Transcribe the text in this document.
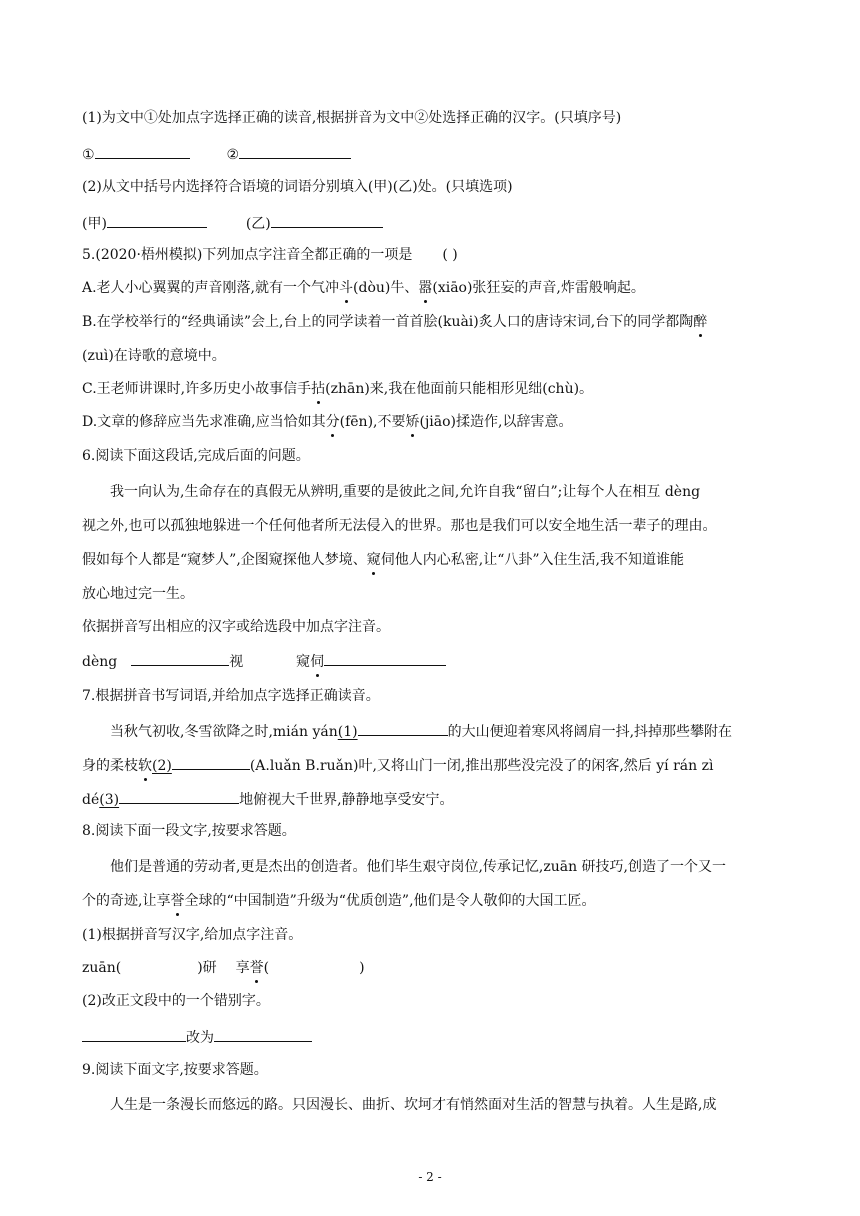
(1)为文中①处加点字选择正确的读音,根据拼音为文中②处选择正确的汉字。(只填序号)
①	②
(2)从文中括号内选择符合语境的词语分别填入(甲)(乙)处。(只填选项)
(甲)	(乙)
5.(2020·梧州模拟)下列加点字注音全都正确的一项是 ( )
A.老人小心翼翼的声音刚落,就有一个气冲斗(dòu)牛、嚣(xiāo)张狂妄的声音,炸雷般响起。
B.在学校举行的“经典诵读”会上,台上的同学读着一首首脍(kuài)炙人口的唐诗宋词,台下的同学都陶醉
(zuì)在诗歌的意境中。
C.王老师讲课时,许多历史小故事信手拈(zhān)来,我在他面前只能相形见绌(chù)。
D.文章的修辞应当先求准确,应当恰如其分(fēn),不要矫(jiāo)揉造作,以辞害意。
6.阅读下面这段话,完成后面的问题。
我一向认为,生命存在的真假无从辨明,重要的是彼此之间,允许自我“留白”;让每个人在相互 dèng
视之外,也可以孤独地躲进一个任何他者所无法侵入的世界。那也是我们可以安全地生活一辈子的理由。
假如每个人都是“窥梦人”,企图窥探他人梦境、窥伺他人内心私密,让“八卦”入住生活,我不知道谁能
放心地过完一生。
依据拼音写出相应的汉字或给选段中加点字注音。
dèng	视	窥伺
7.根据拼音书写词语,并给加点字选择正确读音。
当秋气初收,冬雪欲降之时,mián yán(1)	的大山便迎着寒风将阔肩一抖,抖掉那些攀附在
身的柔枝软(2)	(A.luǎn B.ruǎn)叶,又将山门一闭,推出那些没完没了的闲客,然后 yí rán zì
dé(3)	地俯视大千世界,静静地享受安宁。
8.阅读下面一段文字,按要求答题。
他们是普通的劳动者,更是杰出的创造者。他们毕生艰守岗位,传承记忆,zuān 研技巧,创造了一个又一
个的奇迹,让享誉全球的“中国制造”升级为“优质创造”,他们是令人敬仰的大国工匠。
(1)根据拼音写汉字,给加点字注音。
zuān(	)研 享誉(	)
(2)改正文段中的一个错别字。
改为
9.阅读下面文字,按要求答题。
人生是一条漫长而悠远的路。只因漫长、曲折、坎坷才有悄然面对生活的智慧与执着。人生是路,成
- 2 -
